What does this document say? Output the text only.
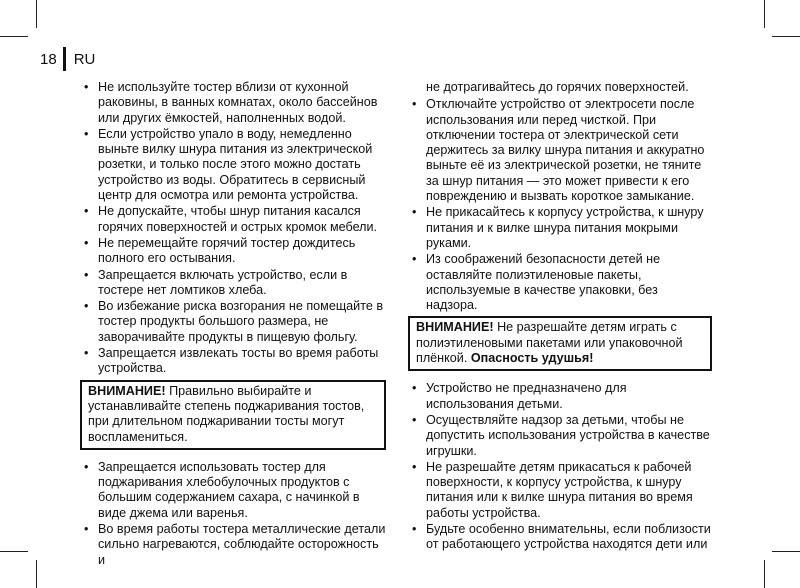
18 RU
• Не используйте тостер вблизи от кухонной раковины, в ванных комнатах, около бассейнов или других ёмкостей, наполненных водой.
• Если устройство упало в воду, немедленно выньте вилку шнура питания из электрической розетки, и только после этого можно достать устройство из воды. Обратитесь в сервисный центр для осмотра или ремонта устройства.
• Не допускайте, чтобы шнур питания касался горячих поверхностей и острых кромок мебели.
• Не перемещайте горячий тостер дождитесь полного его остывания.
• Запрещается включать устройство, если в тостере нет ломтиков хлеба.
• Во избежание риска возгорания не помещайте в тостер продукты большого размера, не заворачивайте продукты в пищевую фольгу.
• Запрещается извлекать тосты во время работы устройства.
ВНИМАНИЕ! Правильно выбирайте и устанавливайте степень поджаривания тостов, при длительном поджаривании тосты могут воспламениться.
• Запрещается использовать тостер для поджаривания хлебобулочных продуктов с большим содержанием сахара, с начинкой в виде джема или варенья.
• Во время работы тостера металлические детали сильно нагреваются, соблюдайте осторожность и
не дотрагивайтесь до горячих поверхностей.
• Отключайте устройство от электросети после использования или перед чисткой. При отключении тостера от электрической сети держитесь за вилку шнура питания и аккуратно выньте её из электрической розетки, не тяните за шнур питания — это может привести к его повреждению и вызвать короткое замыкание.
• Не прикасайтесь к корпусу устройства, к шнуру питания и к вилке шнура питания мокрыми руками.
• Из соображений безопасности детей не оставляйте полиэтиленовые пакеты, используемые в качестве упаковки, без надзора.
ВНИМАНИЕ! Не разрешайте детям играть с полиэтиленовыми пакетами или упаковочной плёнкой. Опасность удушья!
• Устройство не предназначено для использования детьми.
• Осуществляйте надзор за детьми, чтобы не допустить использования устройства в качестве игрушки.
• Не разрешайте детям прикасаться к рабочей поверхности, к корпусу устройства, к шнуру питания или к вилке шнура питания во время работы устройства.
• Будьте особенно внимательны, если поблизости от работающего устройства находятся дети или
